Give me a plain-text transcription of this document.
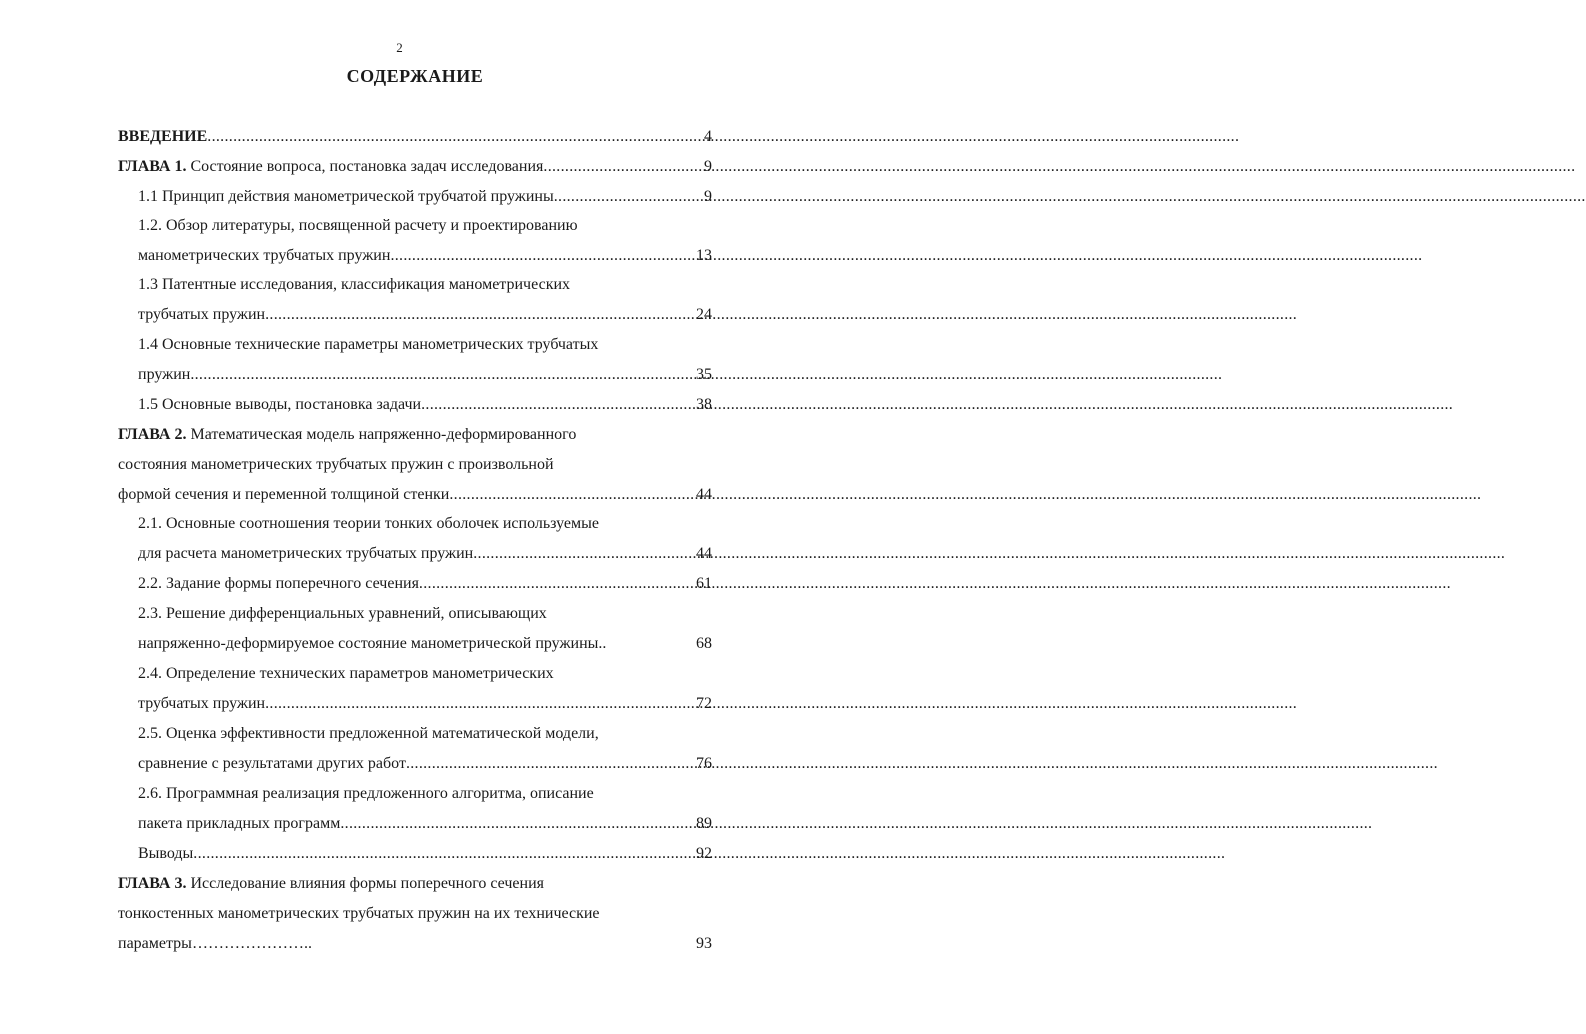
2
СОДЕРЖАНИЕ
ВВЕДЕНИЕ .....	4
ГЛАВА 1. Состояние вопроса, постановка задач исследования .....	9
1.1 Принцип действия манометрической трубчатой пружины .....	9
1.2. Обзор литературы, посвященной расчету и проектированию
манометрических трубчатых пружин .....	13
1.3 Патентные исследования, классификация манометрических
трубчатых пружин .....	24
1.4 Основные технические параметры манометрических трубчатых
пружин .....	35
1.5 Основные выводы, постановка задачи .....	38
ГЛАВА 2. Математическая модель напряженно-деформированного
состояния манометрических трубчатых пружин с произвольной
формой сечения и переменной толщиной стенки .....	44
2.1. Основные соотношения теории тонких оболочек используемые
для расчета манометрических трубчатых пружин .....	44
2.2. Задание формы поперечного сечения .....	61
2.3. Решение дифференциальных уравнений, описывающих
напряженно-деформируемое состояние манометрической пружины..	68
2.4. Определение технических параметров манометрических
трубчатых пружин .....	72
2.5. Оценка эффективности предложенной математической модели,
сравнение с результатами других работ .....	76
2.6. Программная реализация предложенного алгоритма, описание
пакета прикладных программ .....	89
Выводы .....	92
ГЛАВА 3. Исследование влияния формы поперечного сечения
тонкостенных манометрических трубчатых пружин на их технические
параметры…………………..	93
